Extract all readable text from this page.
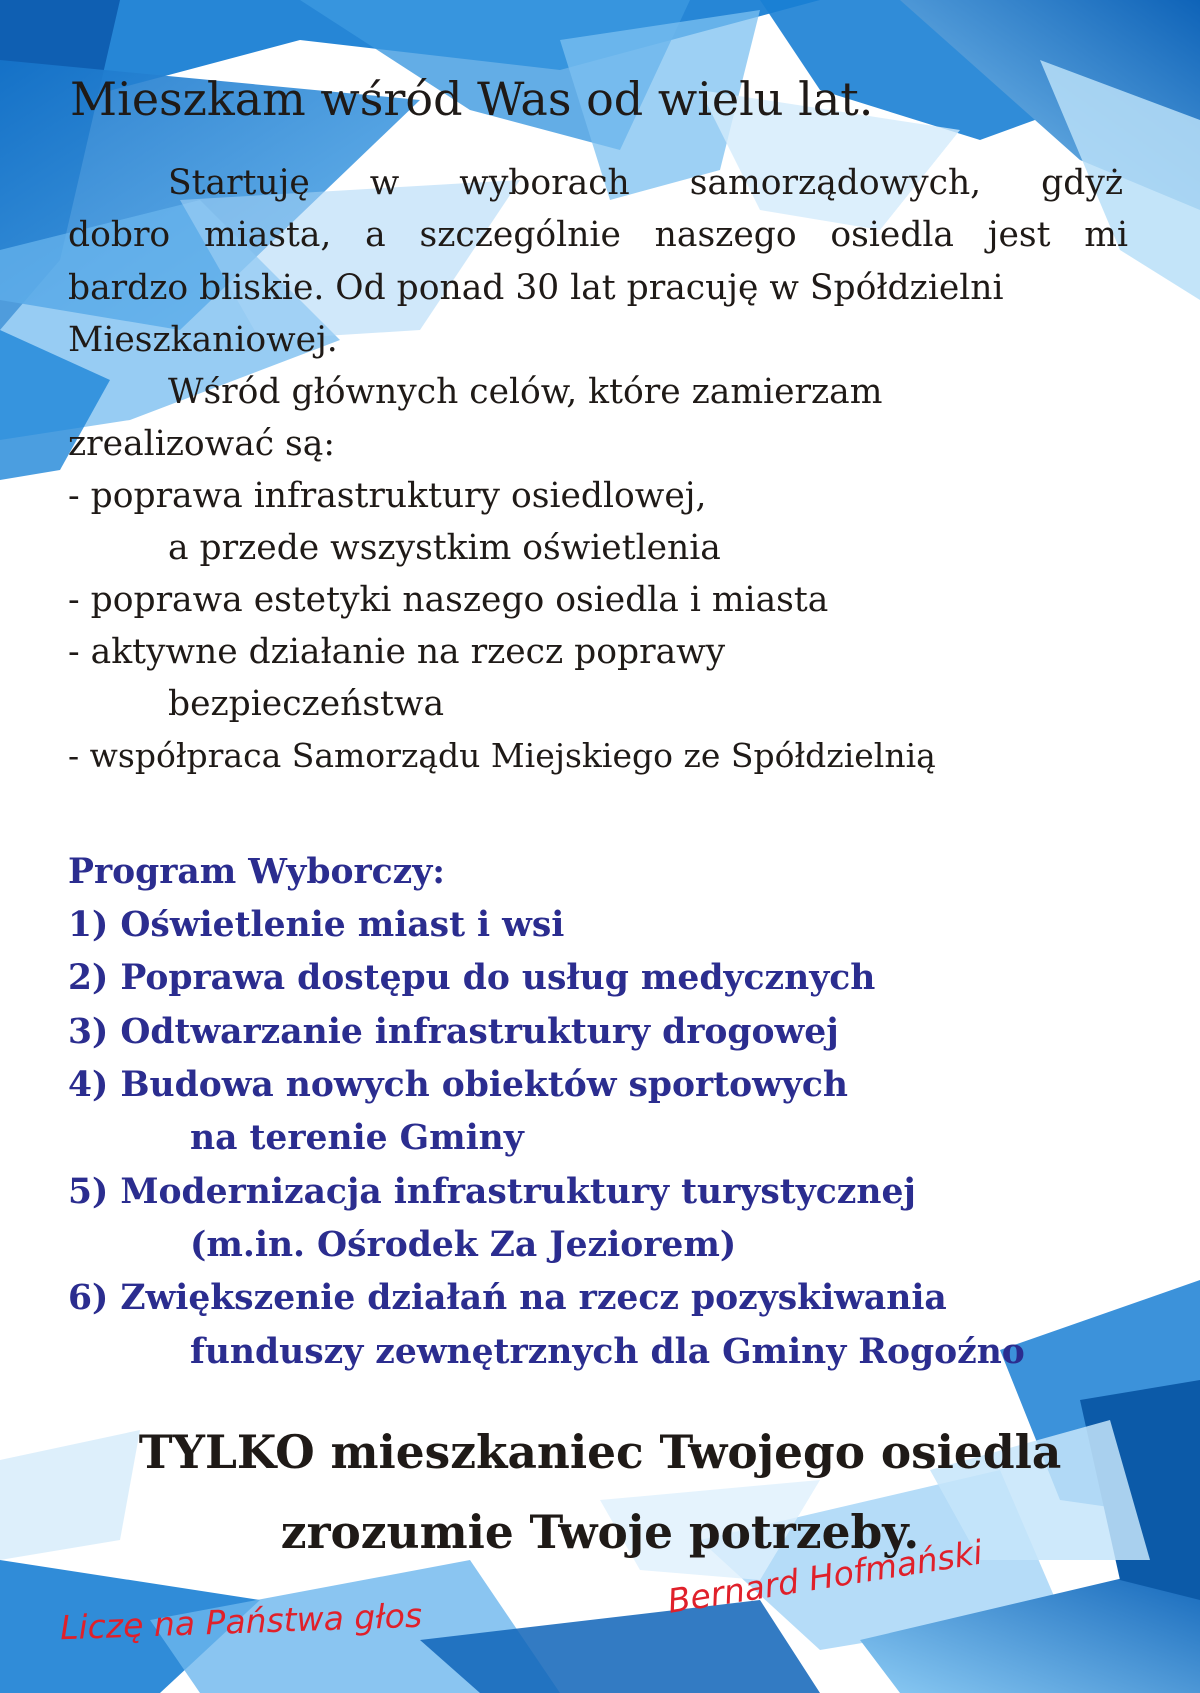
Mieszkam wśród Was od wielu lat.
Startuję w wyborach samorządowych, gdyż
dobro miasta, a szczególnie naszego osiedla jest mi
bardzo bliskie. Od ponad 30 lat pracuję w Spółdzielni
Mieszkaniowej.
Wśród głównych celów, które zamierzam
zrealizować są:
- poprawa infrastruktury osiedlowej,
a przede wszystkim oświetlenia
- poprawa estetyki naszego osiedla i miasta
- aktywne działanie na rzecz poprawy
bezpieczeństwa
- współpraca Samorządu Miejskiego ze Spółdzielnią
Program Wyborczy:
1) Oświetlenie miast i wsi
2) Poprawa dostępu do usług medycznych
3) Odtwarzanie infrastruktury drogowej
4) Budowa nowych obiektów sportowych
na terenie Gminy
5) Modernizacja infrastruktury turystycznej
(m.in. Ośrodek Za Jeziorem)
6) Zwiększenie działań na rzecz pozyskiwania
funduszy zewnętrznych dla Gminy Rogoźno
TYLKO mieszkaniec Twojego osiedla
zrozumie Twoje potrzeby.
Liczę na Państwa głos
Bernard Hofmański
